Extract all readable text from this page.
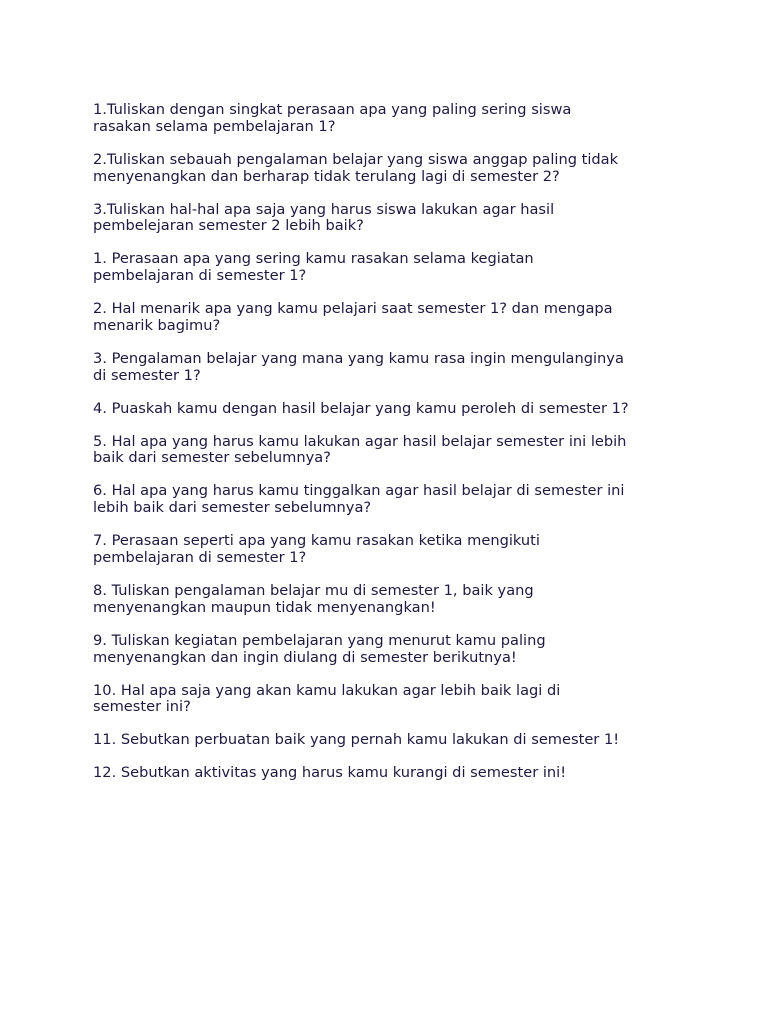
1.Tuliskan dengan singkat perasaan apa yang paling sering siswa
rasakan selama pembelajaran 1?
2.Tuliskan sebauah pengalaman belajar yang siswa anggap paling tidak
menyenangkan dan berharap tidak terulang lagi di semester 2?
3.Tuliskan hal-hal apa saja yang harus siswa lakukan agar hasil
pembelejaran semester 2 lebih baik?
1. Perasaan apa yang sering kamu rasakan selama kegiatan
pembelajaran di semester 1?
2. Hal menarik apa yang kamu pelajari saat semester 1? dan mengapa
menarik bagimu?
3. Pengalaman belajar yang mana yang kamu rasa ingin mengulanginya
di semester 1?
4. Puaskah kamu dengan hasil belajar yang kamu peroleh di semester 1?
5. Hal apa yang harus kamu lakukan agar hasil belajar semester ini lebih
baik dari semester sebelumnya?
6. Hal apa yang harus kamu tinggalkan agar hasil belajar di semester ini
lebih baik dari semester sebelumnya?
7. Perasaan seperti apa yang kamu rasakan ketika mengikuti
pembelajaran di semester 1?
8. Tuliskan pengalaman belajar mu di semester 1, baik yang
menyenangkan maupun tidak menyenangkan!
9. Tuliskan kegiatan pembelajaran yang menurut kamu paling
menyenangkan dan ingin diulang di semester berikutnya!
10. Hal apa saja yang akan kamu lakukan agar lebih baik lagi di
semester ini?
11. Sebutkan perbuatan baik yang pernah kamu lakukan di semester 1!
12. Sebutkan aktivitas yang harus kamu kurangi di semester ini!
